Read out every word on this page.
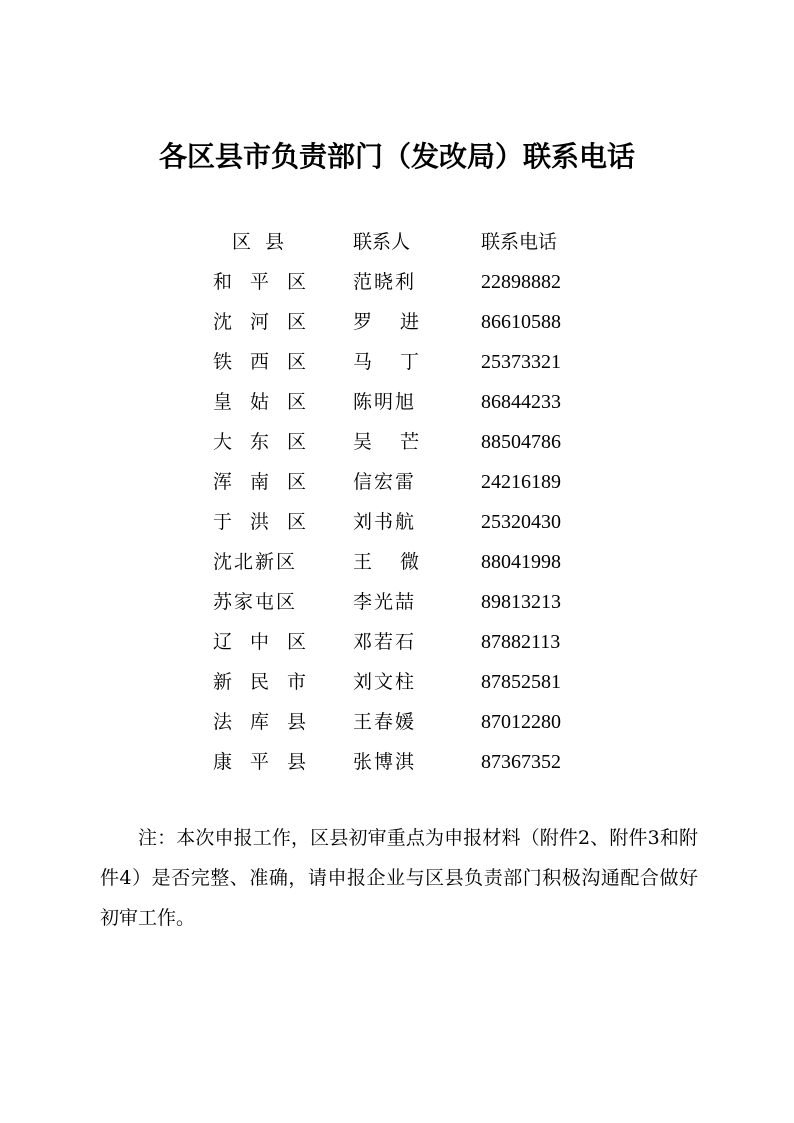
各区县市负责部门（发改局）联系电话
区县	联系人	联系电话
和平区 范晓利	22898882
沈河区 罗进 86610588
铁西区 马丁 25373321
皇姑区 陈明旭	86844233
大东区 吴芒 88504786
浑南区 信宏雷	24216189
于洪区 刘书航	25320430
沈北新区	王微 88041998
苏家屯区	李光喆	89813213
辽中区 邓若石	87882113
新民市 刘文柱	87852581
法库县 王春媛	87012280
康平县 张博淇	87367352
注：本次申报工作，区县初审重点为申报材料（附件2、附件3和附件4）是否完整、准确，请申报企业与区县负责部门积极沟通配合做好初审工作。
